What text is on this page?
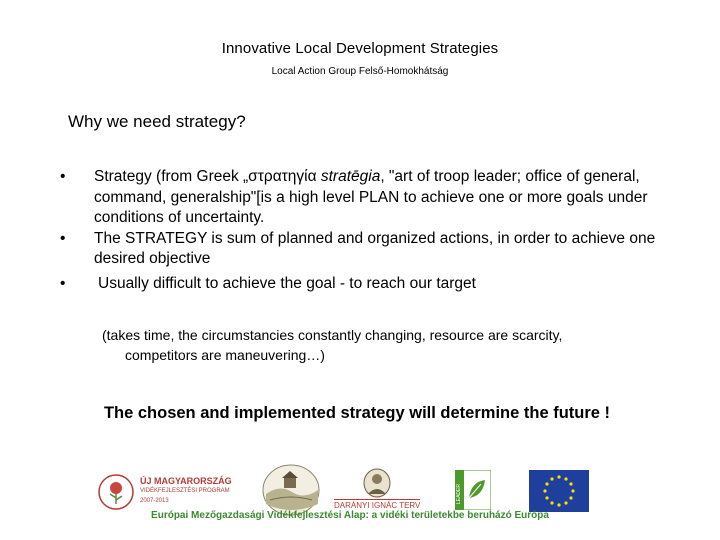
Innovative Local Development Strategies
Local Action Group Felső-Homokhátság
Why we need strategy?
• Strategy (from Greek „στρατηγία stratēgia, "art of troop leader; office of general, command, generalship"[is a high level PLAN to achieve one or more goals under conditions of uncertainty.
• The STRATEGY is sum of planned and organized actions, in order to achieve one desired objective
• Usually difficult to achieve the goal - to reach our target
(takes time, the circumstancies constantly changing, resource are scarcity,
competitors are maneuvering…)
The chosen and implemented strategy will determine the future !
ÚJ MAGYARORSZÁG
VIDÉKFEJLESZTÉSI PROGRAM
2007-2013	DARÁNYI IGNÁC TERV
LEADER
Európai Mezőgazdasági Vidékfejlesztési Alap: a vidéki területekbe beruházó Európa
